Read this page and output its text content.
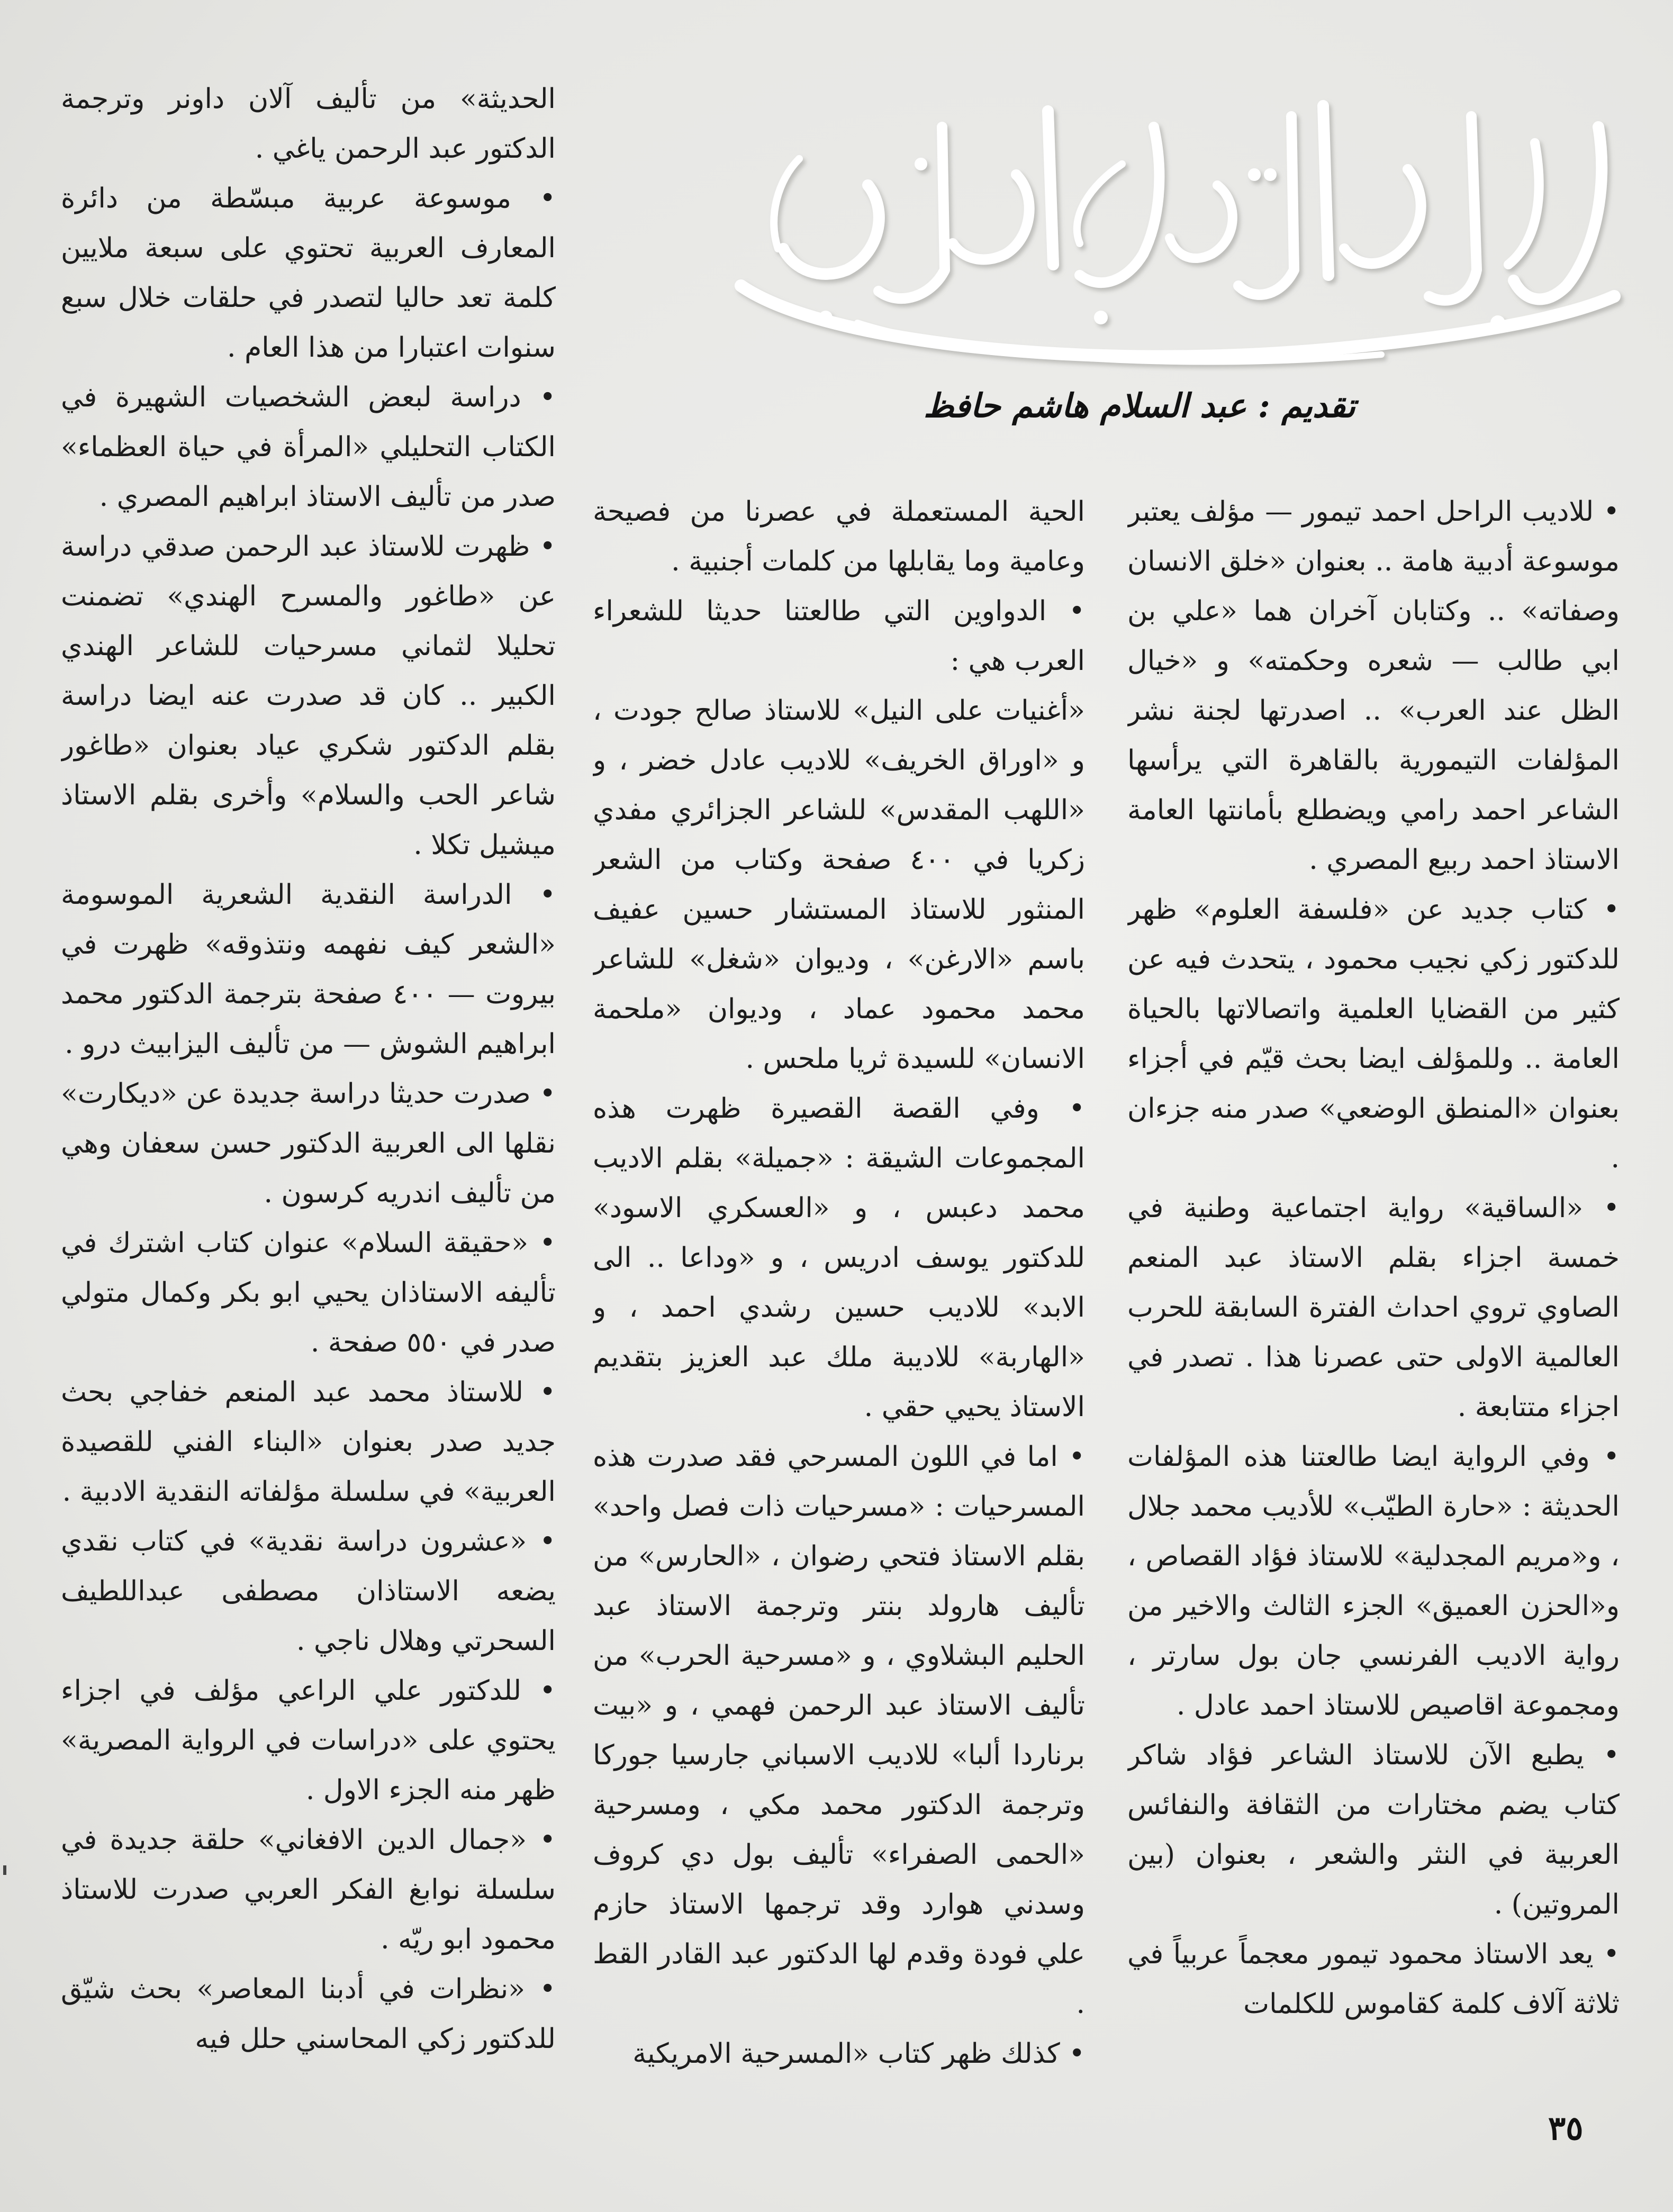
تقديم : عبد السلام هاشم حافظ

• للاديب الراحل احمد تيمور — مؤلف يعتبر موسوعة أدبية هامة .. بعنوان «خلق الانسان وصفاته» .. وكتابان آخران هما «علي بن ابي طالب — شعره وحكمته» و «خيال الظل عند العرب» .. اصدرتها لجنة نشر المؤلفات التيمورية بالقاهرة التي يرأسها الشاعر احمد رامي ويضطلع بأمانتها العامة الاستاذ احمد ربيع المصري .

• كتاب جديد عن «فلسفة العلوم» ظهر للدكتور زكي نجيب محمود ، يتحدث فيه عن كثير من القضايا العلمية واتصالاتها بالحياة العامة .. وللمؤلف ايضا بحث قيّم في أجزاء بعنوان «المنطق الوضعي» صدر منه جزءان .

• «الساقية» رواية اجتماعية وطنية في خمسة اجزاء بقلم الاستاذ عبد المنعم الصاوي تروي احداث الفترة السابقة للحرب العالمية الاولى حتى عصرنا هذا . تصدر في اجزاء متتابعة .

• وفي الرواية ايضا طالعتنا هذه المؤلفات الحديثة : «حارة الطيّب» للأديب محمد جلال ، و«مريم المجدلية» للاستاذ فؤاد القصاص ، و«الحزن العميق» الجزء الثالث والاخير من رواية الاديب الفرنسي جان بول سارتر ، ومجموعة اقاصيص للاستاذ احمد عادل .

• يطبع الآن للاستاذ الشاعر فؤاد شاكر كتاب يضم مختارات من الثقافة والنفائس العربية في النثر والشعر ، بعنوان (بين المروتين) .

• يعد الاستاذ محمود تيمور معجماً عربياً في ثلاثة آلاف كلمة كقاموس للكلمات

الحية المستعملة في عصرنا من فصيحة وعامية وما يقابلها من كلمات أجنبية .

• الدواوين التي طالعتنا حديثا للشعراء العرب هي :

«أغنيات على النيل» للاستاذ صالح جودت ، و «اوراق الخريف» للاديب عادل خضر ، و «اللهب المقدس» للشاعر الجزائري مفدي زكريا في ٤٠٠ صفحة وكتاب من الشعر المنثور للاستاذ المستشار حسين عفيف باسم «الارغن» ، وديوان «شغل» للشاعر محمد محمود عماد ، وديوان «ملحمة الانسان» للسيدة ثريا ملحس .

• وفي القصة القصيرة ظهرت هذه المجموعات الشيقة : «جميلة» بقلم الاديب محمد دعبس ، و «العسكري الاسود» للدكتور يوسف ادريس ، و «وداعا .. الى الابد» للاديب حسين رشدي احمد ، و «الهاربة» للاديبة ملك عبد العزيز بتقديم الاستاذ يحيي حقي .

• اما في اللون المسرحي فقد صدرت هذه المسرحيات : «مسرحيات ذات فصل واحد» بقلم الاستاذ فتحي رضوان ، «الحارس» من تأليف هارولد بنتر وترجمة الاستاذ عبد الحليم البشلاوي ، و «مسرحية الحرب» من تأليف الاستاذ عبد الرحمن فهمي ، و «بيت برناردا ألبا» للاديب الاسباني جارسيا جوركا وترجمة الدكتور محمد مكي ، ومسرحية «الحمى الصفراء» تأليف بول دي كروف وسدني هوارد وقد ترجمها الاستاذ حازم علي فودة وقدم لها الدكتور عبد القادر القط .

• كذلك ظهر كتاب «المسرحية الامريكية

الحديثة» من تأليف آلان داونر وترجمة الدكتور عبد الرحمن ياغي .

• موسوعة عربية مبسّطة من دائرة المعارف العربية تحتوي على سبعة ملايين كلمة تعد حاليا لتصدر في حلقات خلال سبع سنوات اعتبارا من هذا العام .

• دراسة لبعض الشخصيات الشهيرة في الكتاب التحليلي «المرأة في حياة العظماء» صدر من تأليف الاستاذ ابراهيم المصري .

• ظهرت للاستاذ عبد الرحمن صدقي دراسة عن «طاغور والمسرح الهندي» تضمنت تحليلا لثماني مسرحيات للشاعر الهندي الكبير .. كان قد صدرت عنه ايضا دراسة بقلم الدكتور شكري عياد بعنوان «طاغور شاعر الحب والسلام» وأخرى بقلم الاستاذ ميشيل تكلا .

• الدراسة النقدية الشعرية الموسومة «الشعر كيف نفهمه ونتذوقه» ظهرت في بيروت — ٤٠٠ صفحة بترجمة الدكتور محمد ابراهيم الشوش — من تأليف اليزابيث درو .

• صدرت حديثا دراسة جديدة عن «ديكارت» نقلها الى العربية الدكتور حسن سعفان وهي من تأليف اندريه كرسون .

• «حقيقة السلام» عنوان كتاب اشترك في تأليفه الاستاذان يحيي ابو بكر وكمال متولي صدر في ٥٥٠ صفحة .

• للاستاذ محمد عبد المنعم خفاجي بحث جديد صدر بعنوان «البناء الفني للقصيدة العربية» في سلسلة مؤلفاته النقدية الادبية .

• «عشرون دراسة نقدية» في كتاب نقدي يضعه الاستاذان مصطفى عبداللطيف السحرتي وهلال ناجي .

• للدكتور علي الراعي مؤلف في اجزاء يحتوي على «دراسات في الرواية المصرية» ظهر منه الجزء الاول .

• «جمال الدين الافغاني» حلقة جديدة في سلسلة نوابغ الفكر العربي صدرت للاستاذ محمود ابو ريّه .

• «نظرات في أدبنا المعاصر» بحث شيّق للدكتور زكي المحاسني حلل فيه

٣٥
